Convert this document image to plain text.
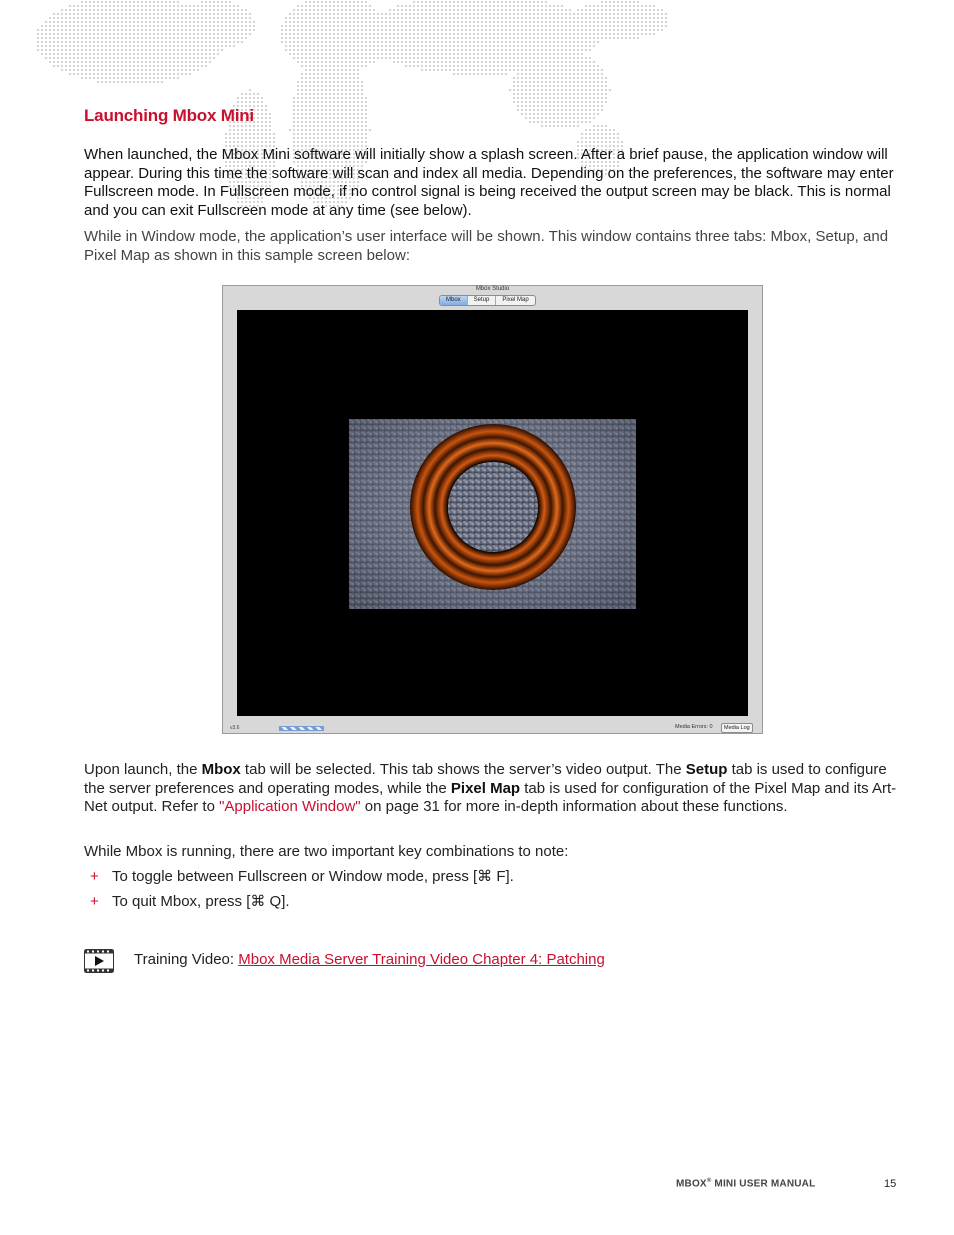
Launching Mbox Mini

When launched, the Mbox Mini software will initially show a splash screen. After a brief pause, the application window will appear. During this time the software will scan and index all media. Depending on the preferences, the software may enter Fullscreen mode. In Fullscreen mode, if no control signal is being received the output screen may be black. This is normal and you can exit Fullscreen mode at any time (see below).

While in Window mode, the application’s user interface will be shown. This window contains three tabs: Mbox, Setup, and Pixel Map as shown in this sample screen below:

Mbox Studio
Mbox	Setup	Pixel Map
v3.6	Media Errors: 0	Media Log

Upon launch, the Mbox tab will be selected. This tab shows the server’s video output. The Setup tab is used to configure the server preferences and operating modes, while the Pixel Map tab is used for configuration of the Pixel Map and its Art-Net output. Refer to "Application Window" on page 31 for more in-depth information about these functions.

While Mbox is running, there are two important key combinations to note:

+ To toggle between Fullscreen or Window mode, press [⌘ F].
+ To quit Mbox, press [⌘ Q].
Training Video: Mbox Media Server Training Video Chapter 4: Patching
MBOX® MINI USER MANUAL	15
